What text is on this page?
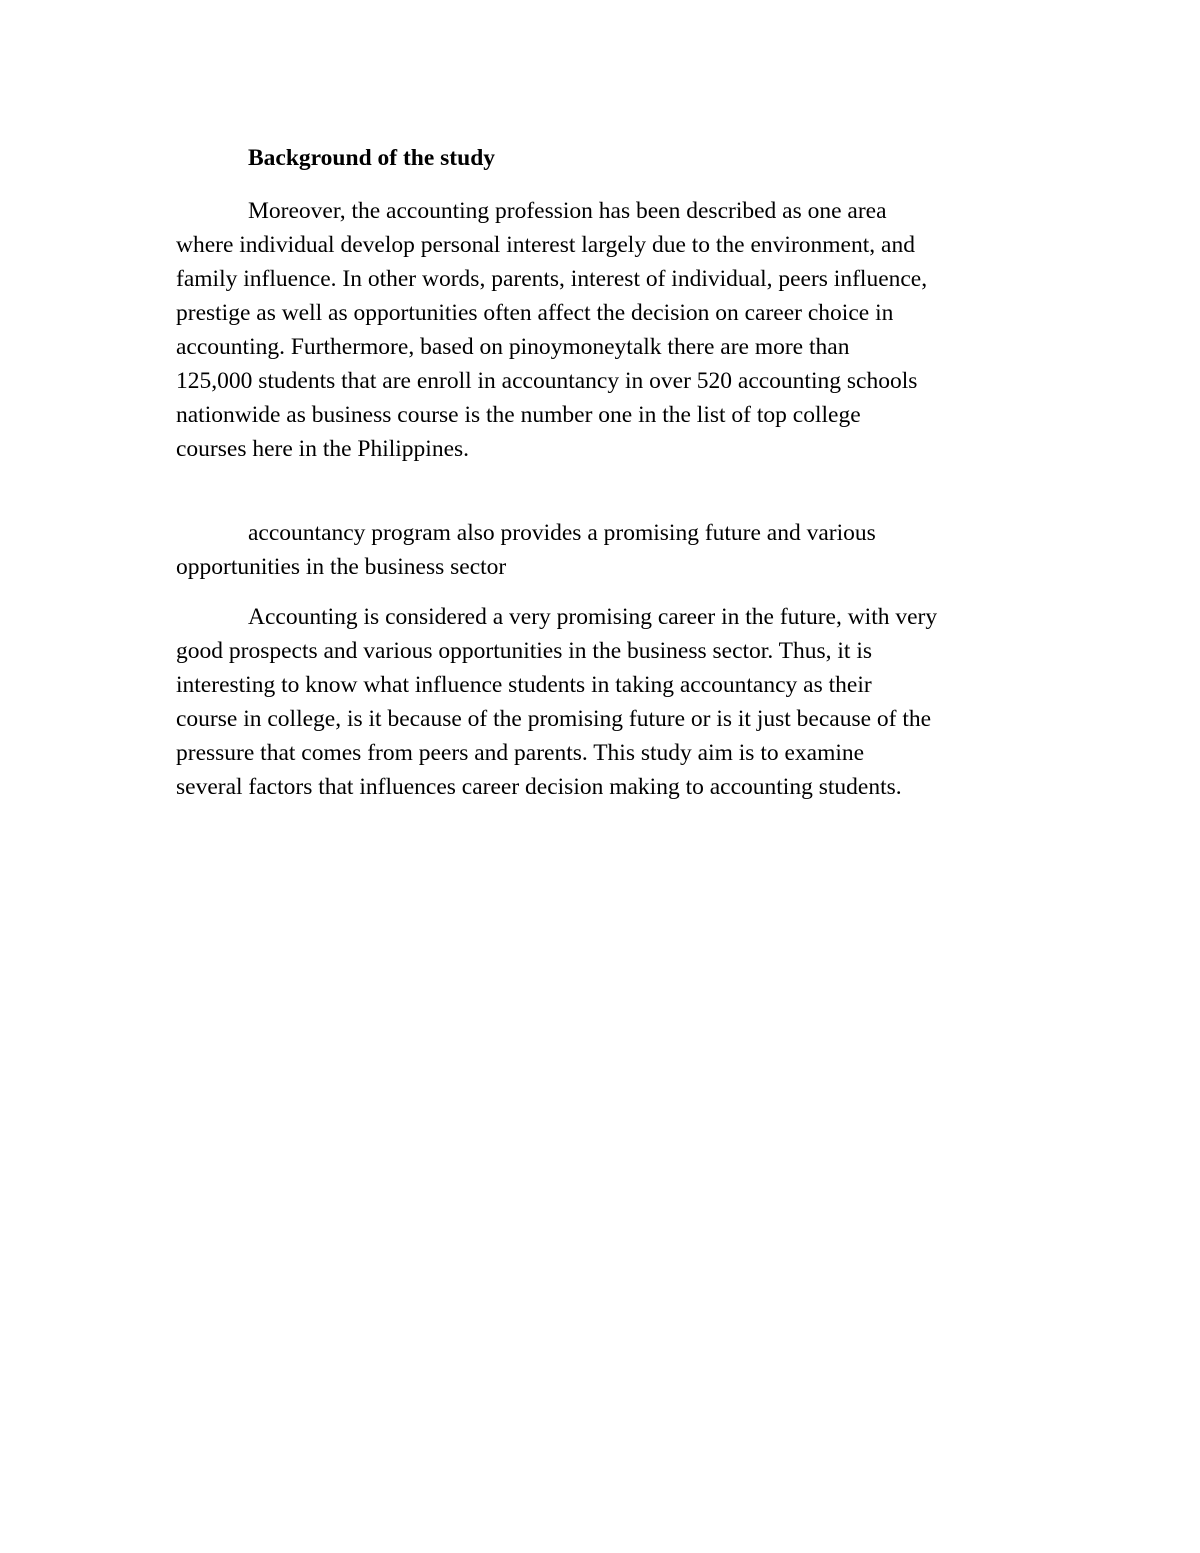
Background of the study
Moreover, the accounting profession has been described as one area
where individual develop personal interest largely due to the environment, and
family influence. In other words, parents, interest of individual, peers influence,
prestige as well as opportunities often affect the decision on career choice in
accounting. Furthermore, based on pinoymoneytalk there are more than
125,000 students that are enroll in accountancy in over 520 accounting schools
nationwide as business course is the number one in the list of top college
courses here in the Philippines.
accountancy program also provides a promising future and various
opportunities in the business sector
Accounting is considered a very promising career in the future, with very
good prospects and various opportunities in the business sector. Thus, it is
interesting to know what influence students in taking accountancy as their
course in college, is it because of the promising future or is it just because of the
pressure that comes from peers and parents. This study aim is to examine
several factors that influences career decision making to accounting students.
